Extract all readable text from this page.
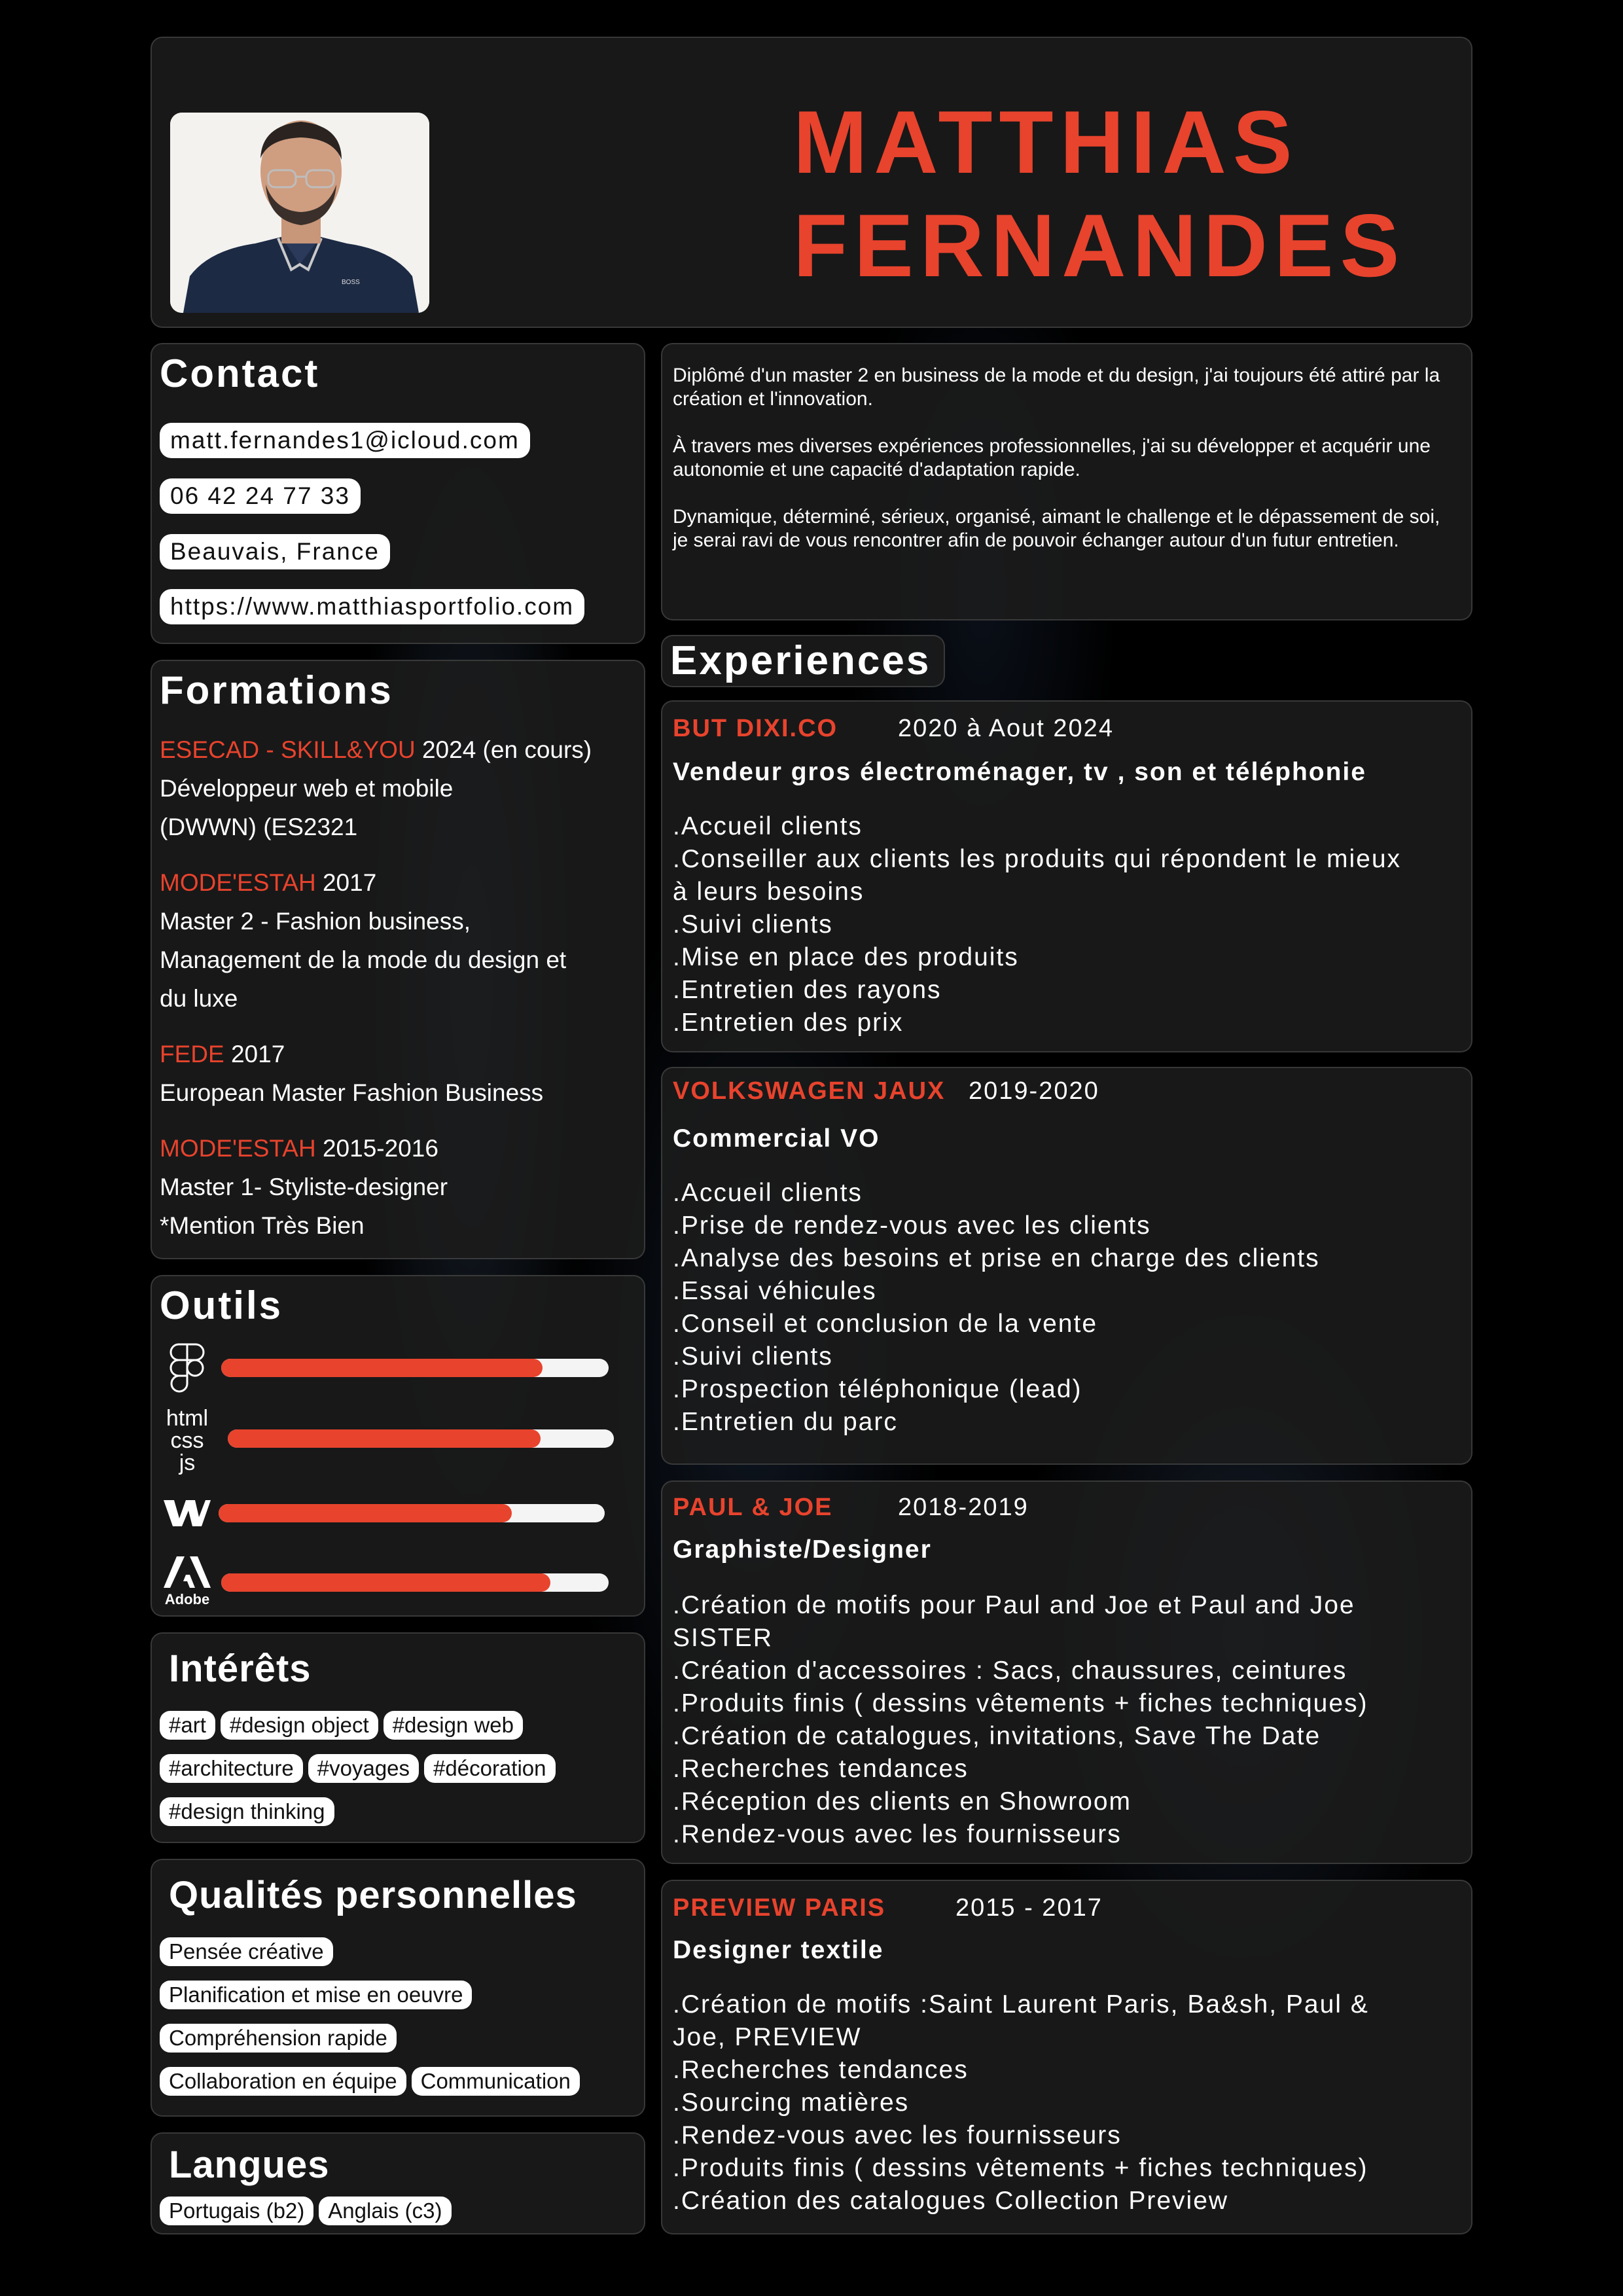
BOSS
MATTHIAS
FERNANDES
Contact
matt.fernandes1@icloud.com
06 42 24 77 33
Beauvais, France
https://www.matthiasportfolio.com
Formations
ESECAD - SKILL&YOU 2024 (en cours)
Développeur web et mobile
(DWWN) (ES2321
MODE'ESTAH 2017
Master 2 - Fashion business,
Management de la mode du design et
du luxe
FEDE 2017
European Master Fashion Business
MODE'ESTAH 2015-2016
Master 1- Styliste-designer
*Mention Très Bien
Outils
html
css
js
Adobe
Intérêts
#art #design object #design web
#architecture #voyages #décoration
#design thinking
Qualités personnelles
Pensée créative
Planification et mise en oeuvre
Compréhension rapide
Collaboration en équipe Communication
Langues
Portugais (b2) Anglais (c3)

Diplômé d'un master 2 en business de la mode et du design, j'ai toujours été attiré par la création et l'innovation.

À travers mes diverses expériences professionnelles, j'ai su développer et acquérir une autonomie et une capacité d'adaptation rapide.

Dynamique, déterminé, sérieux, organisé, aimant le challenge et le dépassement de soi, je serai ravi de vous rencontrer afin de pouvoir échanger autour d'un futur entretien.

Experiences
BUT DIXI.CO 2020 à Aout 2024
Vendeur gros électroménager, tv , son et téléphonie
.Accueil clients
.Conseiller aux clients les produits qui répondent le mieux
à leurs besoins
.Suivi clients
.Mise en place des produits
.Entretien des rayons
.Entretien des prix
VOLKSWAGEN JAUX 2019-2020
Commercial VO
.Accueil clients
.Prise de rendez-vous avec les clients
.Analyse des besoins et prise en charge des clients
.Essai véhicules
.Conseil et conclusion de la vente
.Suivi clients
.Prospection téléphonique (lead)
.Entretien du parc
PAUL & JOE	2018-2019
Graphiste/Designer
.Création de motifs pour Paul and Joe et Paul and Joe
SISTER
.Création d'accessoires : Sacs, chaussures, ceintures
.Produits finis ( dessins vêtements + fiches techniques)
.Création de catalogues, invitations, Save The Date
.Recherches tendances
.Réception des clients en Showroom
.Rendez-vous avec les fournisseurs
PREVIEW PARIS	2015 - 2017
Designer textile
.Création de motifs :Saint Laurent Paris, Ba&sh, Paul &
Joe, PREVIEW
.Recherches tendances
.Sourcing matières
.Rendez-vous avec les fournisseurs
.Produits finis ( dessins vêtements + fiches techniques)
.Création des catalogues Collection Preview
